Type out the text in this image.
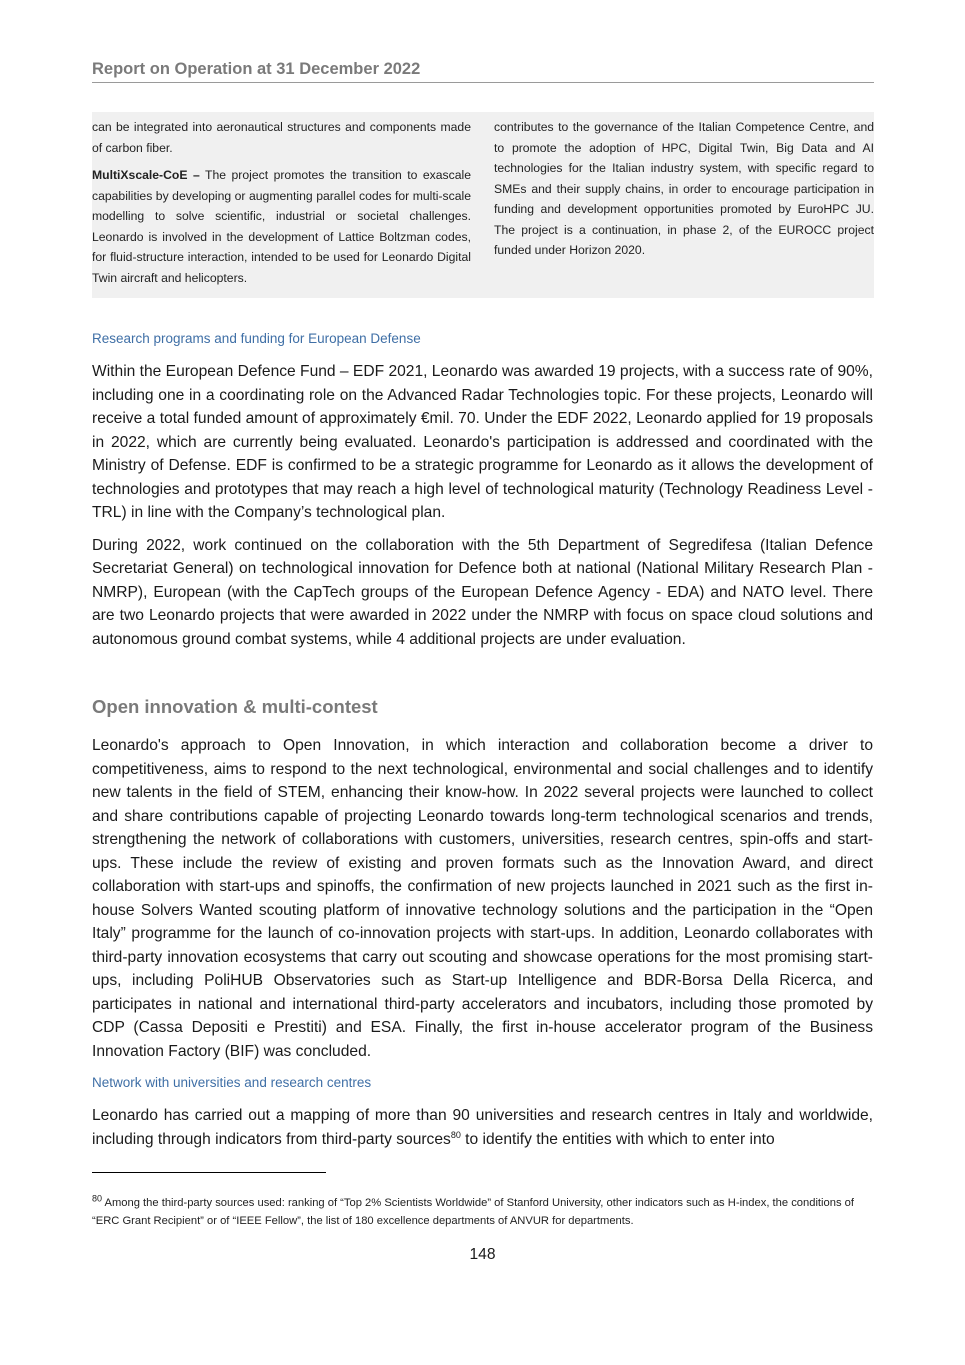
Report on Operation at 31 December 2022

can be integrated into aeronautical structures and components made of carbon fiber.

MultiXscale-CoE – The project promotes the transition to exascale capabilities by developing or augmenting parallel codes for multi-scale modelling to solve scientific, industrial or societal challenges. Leonardo is involved in the development of Lattice Boltzman codes, for fluid-structure interaction, intended to be used for Leonardo Digital Twin aircraft and helicopters.

contributes to the governance of the Italian Competence Centre, and to promote the adoption of HPC, Digital Twin, Big Data and AI technologies for the Italian industry system, with specific regard to SMEs and their supply chains, in order to encourage participation in funding and development opportunities promoted by EuroHPC JU. The project is a continuation, in phase 2, of the EUROCC project funded under Horizon 2020.

Research programs and funding for European Defense

Within the European Defence Fund – EDF 2021, Leonardo was awarded 19 projects, with a success rate of 90%, including one in a coordinating role on the Advanced Radar Technologies topic. For these projects, Leonardo will receive a total funded amount of approximately €mil. 70. Under the EDF 2022, Leonardo applied for 19 proposals in 2022, which are currently being evaluated. Leonardo's participation is addressed and coordinated with the Ministry of Defense. EDF is confirmed to be a strategic programme for Leonardo as it allows the development of technologies and prototypes that may reach a high level of technological maturity (Technology Readiness Level - TRL) in line with the Company’s technological plan.

During 2022, work continued on the collaboration with the 5th Department of Segredifesa (Italian Defence Secretariat General) on technological innovation for Defence both at national (National Military Research Plan - NMRP), European (with the CapTech groups of the European Defence Agency - EDA) and NATO level. There are two Leonardo projects that were awarded in 2022 under the NMRP with focus on space cloud solutions and autonomous ground combat systems, while 4 additional projects are under evaluation.

Open innovation & multi-contest

Leonardo's approach to Open Innovation, in which interaction and collaboration become a driver to competitiveness, aims to respond to the next technological, environmental and social challenges and to identify new talents in the field of STEM, enhancing their know-how. In 2022 several projects were launched to collect and share contributions capable of projecting Leonardo towards long-term technological scenarios and trends, strengthening the network of collaborations with customers, universities, research centres, spin-offs and start-ups. These include the review of existing and proven formats such as the Innovation Award, and direct collaboration with start-ups and spinoffs, the confirmation of new projects launched in 2021 such as the first in-house Solvers Wanted scouting platform of innovative technology solutions and the participation in the “Open Italy” programme for the launch of co-innovation projects with start-ups. In addition, Leonardo collaborates with third-party innovation ecosystems that carry out scouting and showcase operations for the most promising start-ups, including PoliHUB Observatories such as Start-up Intelligence and BDR-Borsa Della Ricerca, and participates in national and international third-party accelerators and incubators, including those promoted by CDP (Cassa Depositi e Prestiti) and ESA. Finally, the first in-house accelerator program of the Business Innovation Factory (BIF) was concluded.

Network with universities and research centres

Leonardo has carried out a mapping of more than 90 universities and research centres in Italy and worldwide, including through indicators from third-party sources$^{80}$ to identify the entities with which to enter into

$^{80}$ Among the third-party sources used: ranking of “Top 2% Scientists Worldwide” of Stanford University, other indicators such as H-index, the conditions of “ERC Grant Recipient” or of “IEEE Fellow”, the list of 180 excellence departments of ANVUR for departments.
148
